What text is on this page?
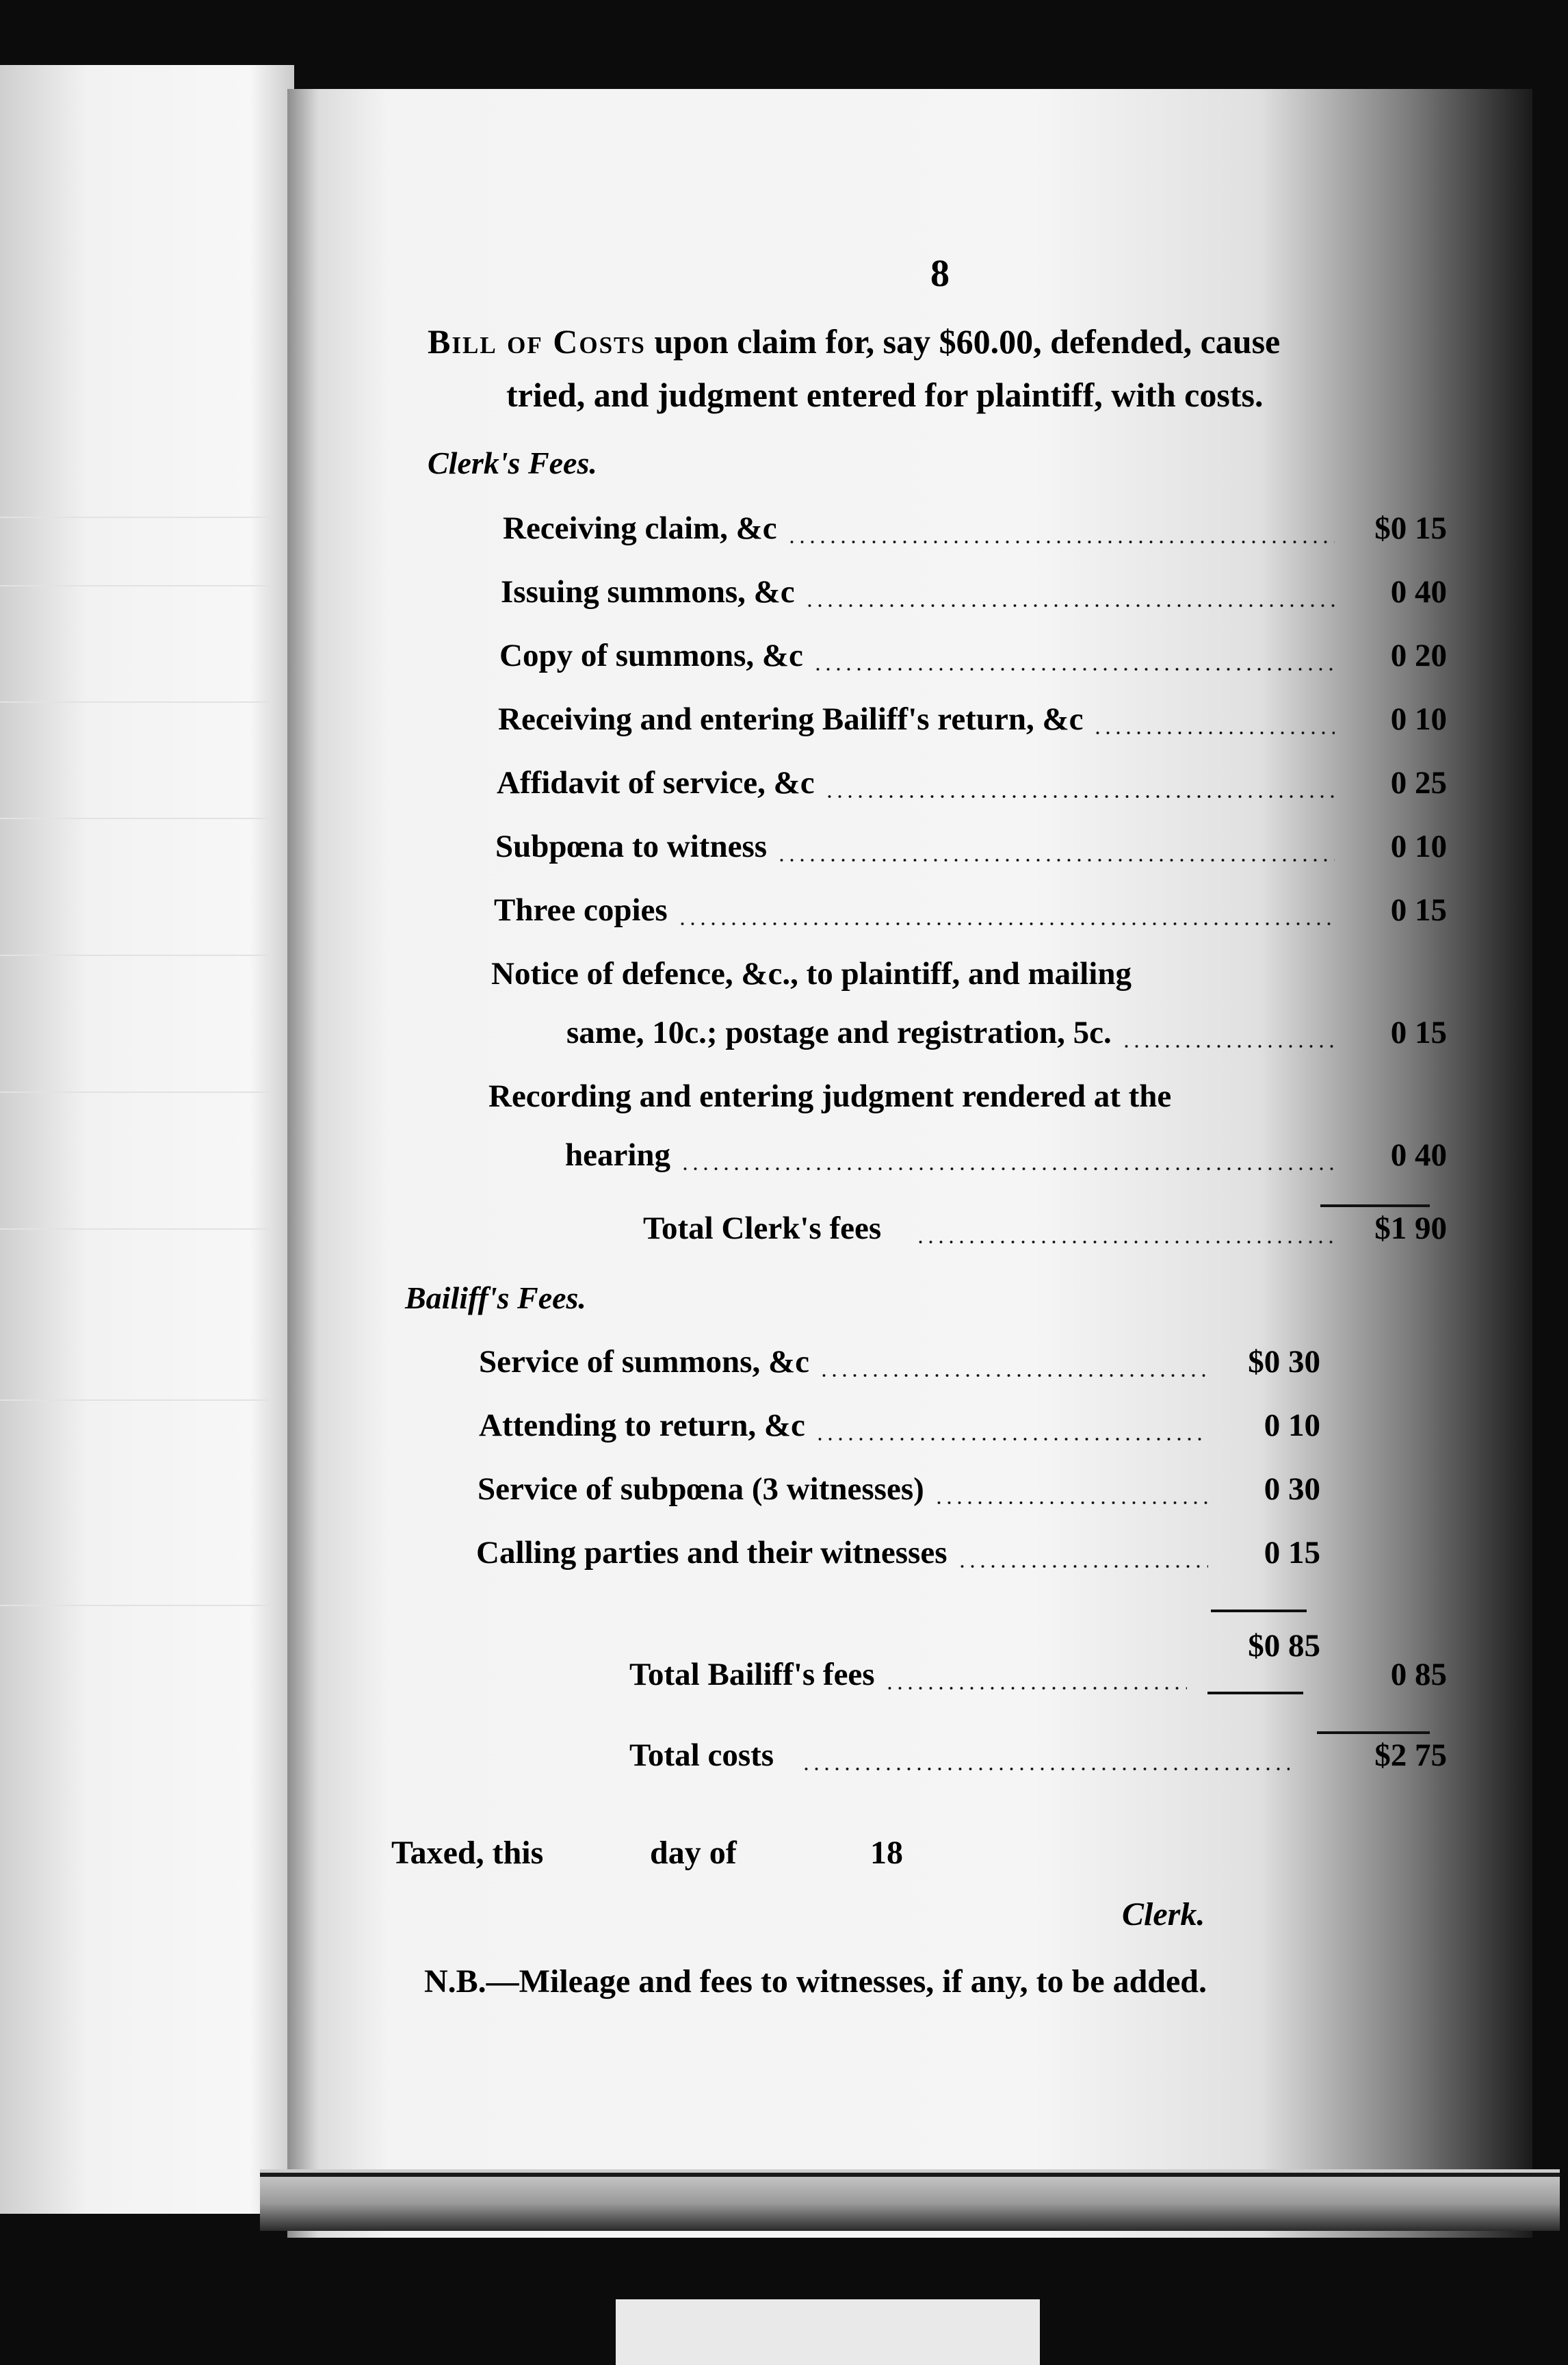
8
Bill of Costs upon claim for, say $60.00, defended, cause
tried, and judgment entered for plaintiff, with costs.
Clerk's Fees.
Receiving claim, &c	$0 15
Issuing summons, &c	0 40
Copy of summons, &c	0 20
Receiving and entering Bailiff's return, &c	0 10
Affidavit of service, &c	0 25
Subpœna to witness	0 10
Three copies	0 15
Notice of defence, &c., to plaintiff, and mailing
same, 10c.; postage and registration, 5c.	0 15
Recording and entering judgment rendered at the
hearing	0 40
Total Clerk's fees	$1 90
Bailiff's Fees.
Service of summons, &c	$0 30
Attending to return, &c	0 10
Service of subpœna (3 witnesses)	0 30
Calling parties and their witnesses	0 15
$0 85
Total Bailiff's fees	0 85
Total costs	$2 75
Taxed, this	day of	18
Clerk.
N.B.—Mileage and fees to witnesses, if any, to be added.
